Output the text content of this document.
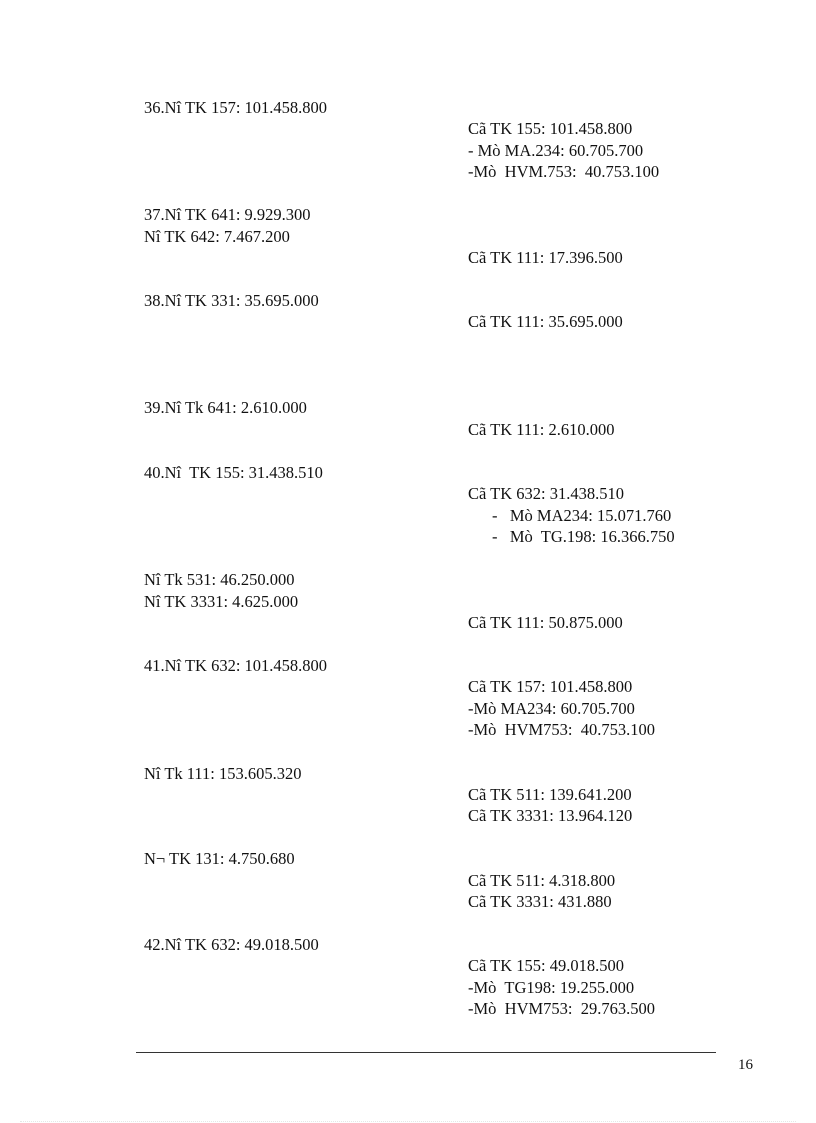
36.Nî TK 157: 101.458.800
Cã TK 155: 101.458.800
- Mò MA.234: 60.705.700
-Mò  HVM.753:  40.753.100
37.Nî TK 641: 9.929.300
Nî TK 642: 7.467.200
Cã TK 111: 17.396.500
38.Nî TK 331: 35.695.000
Cã TK 111: 35.695.000
39.Nî Tk 641: 2.610.000
Cã TK 111: 2.610.000
40.Nî  TK 155: 31.438.510
Cã TK 632: 31.438.510
-   Mò MA234: 15.071.760
-   Mò  TG.198: 16.366.750
Nî Tk 531: 46.250.000
Nî TK 3331: 4.625.000
Cã TK 111: 50.875.000
41.Nî TK 632: 101.458.800
Cã TK 157: 101.458.800
-Mò MA234: 60.705.700
-Mò  HVM753:  40.753.100
Nî Tk 111: 153.605.320
Cã TK 511: 139.641.200
Cã TK 3331: 13.964.120
N¬ TK 131: 4.750.680
Cã TK 511: 4.318.800
Cã TK 3331: 431.880
42.Nî TK 632: 49.018.500
Cã TK 155: 49.018.500
-Mò  TG198: 19.255.000
-Mò  HVM753:  29.763.500
16
